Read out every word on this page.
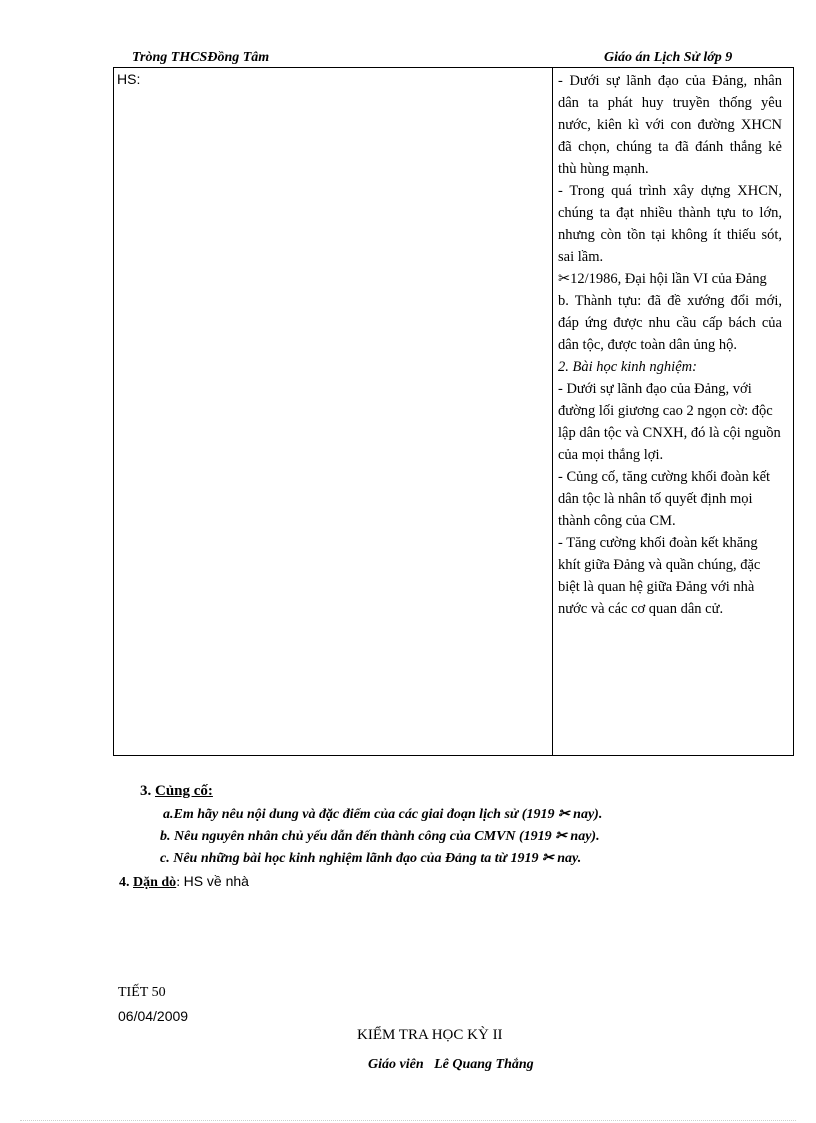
Tròng THCSĐồng Tâm	Giáo án Lịch Sử lớp 9
HS:	- Dưới sự lãnh đạo của Đảng, nhân dân ta phát huy truyền thống yêu nước, kiên kì với con đường XHCN đã chọn, chúng ta đã đánh thắng kẻ thù hùng mạnh.

- Trong quá trình xây dựng XHCN, chúng ta đạt nhiều thành tựu to lớn, nhưng còn tồn tại không ít thiếu sót, sai lầm.

✂12/1986, Đại hội lần VI của Đảng

b. Thành tựu: đã đề xướng đổi mới, đáp ứng được nhu cầu cấp bách của dân tộc, được toàn dân ủng hộ.

2. Bài học kinh nghiệm:

- Dưới sự lãnh đạo của Đảng, với đường lối giương cao 2 ngọn cờ: độc lập dân tộc và CNXH, đó là cội nguồn của mọi thắng lợi.

- Củng cố, tăng cường khối đoàn kết dân tộc là nhân tố quyết định mọi thành công của CM.

- Tăng cường khối đoàn kết khăng khít giữa Đảng và quần chúng, đặc biệt là quan hệ giữa Đảng với nhà nước và các cơ quan dân cử.

3. Củng cố:
a.Em hãy nêu nội dung và đặc điểm của các giai đoạn lịch sử (1919 ✂ nay).
b. Nêu nguyên nhân chủ yếu dẫn đến thành công của CMVN (1919 ✂ nay).
c. Nêu những bài học kinh nghiệm lãnh đạo của Đảng ta từ 1919 ✂ nay.
4. Dặn dò: HS về nhà
TIẾT 50
06/04/2009
KIỂM TRA HỌC KỲ II
Giáo viên Lê Quang Thắng
